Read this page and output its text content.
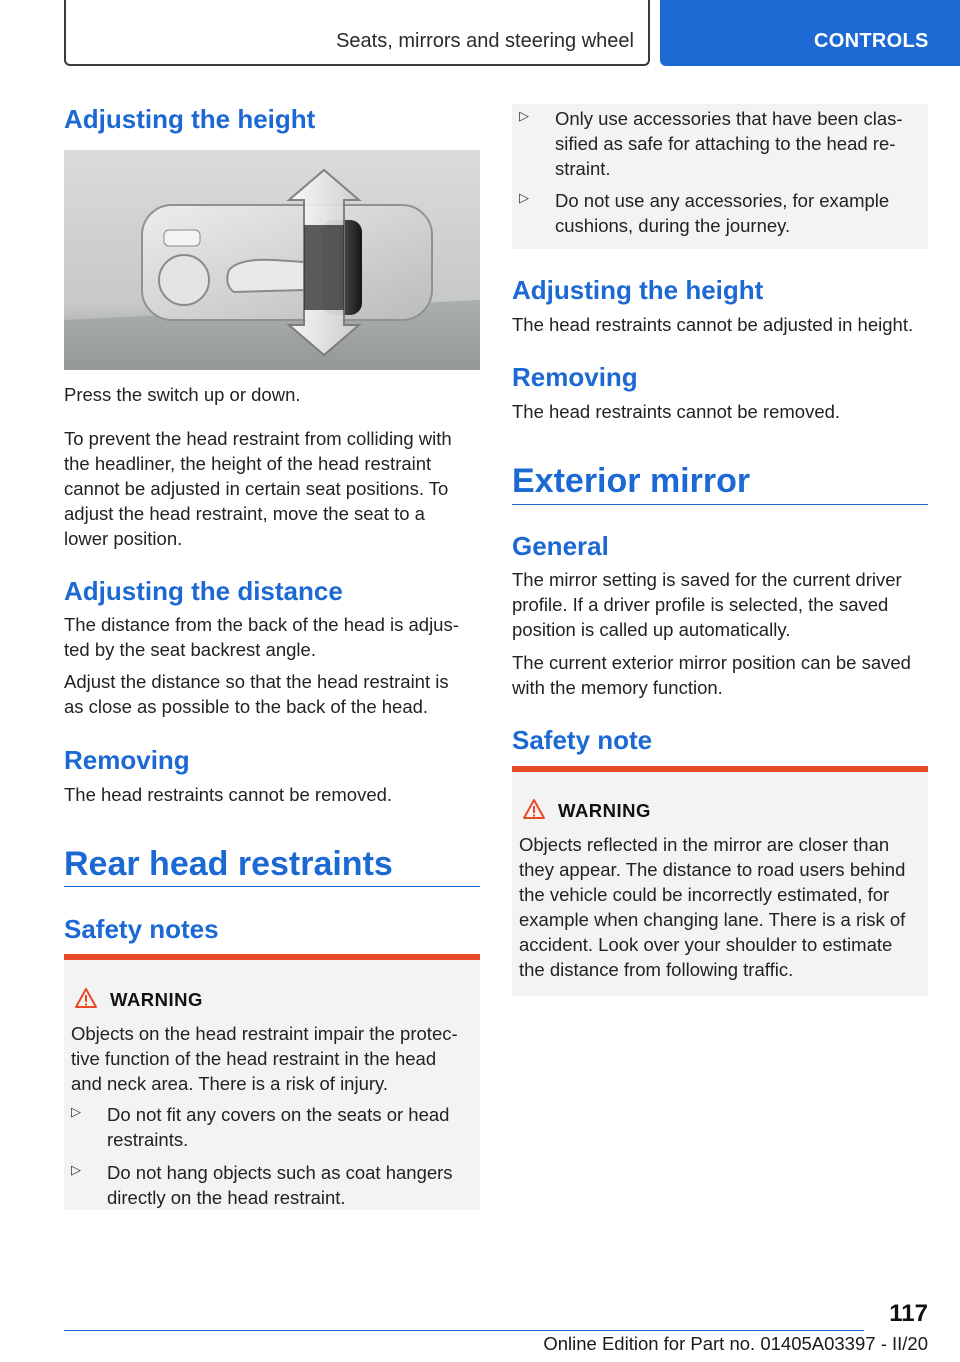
Seats, mirrors and steering wheel	CONTROLS
Adjusting the height
Press the switch up or down.
To prevent the head restraint from colliding with
the headliner, the height of the head restraint
cannot be adjusted in certain seat positions. To
adjust the head restraint, move the seat to a
lower position.
Adjusting the distance
The distance from the back of the head is adjus‐
ted by the seat backrest angle.
Adjust the distance so that the head restraint is
as close as possible to the back of the head.
Removing
The head restraints cannot be removed.
Rear head restraints
Safety notes
WARNING
Objects on the head restraint impair the protec‐
tive function of the head restraint in the head
and neck area. There is a risk of injury.
▷ Do not fit any covers on the seats or head
restraints.
▷ Do not hang objects such as coat hangers
directly on the head restraint.
▷ Only use accessories that have been clas‐
sified as safe for attaching to the head re‐
straint.
▷ Do not use any accessories, for example
cushions, during the journey.
Adjusting the height
The head restraints cannot be adjusted in height.
Removing
The head restraints cannot be removed.
Exterior mirror
General
The mirror setting is saved for the current driver
profile. If a driver profile is selected, the saved
position is called up automatically.
The current exterior mirror position can be saved
with the memory function.
Safety note
WARNING
Objects reflected in the mirror are closer than
they appear. The distance to road users behind
the vehicle could be incorrectly estimated, for
example when changing lane. There is a risk of
accident. Look over your shoulder to estimate
the distance from following traffic.
117
Online Edition for Part no. 01405A03397 - II/20
